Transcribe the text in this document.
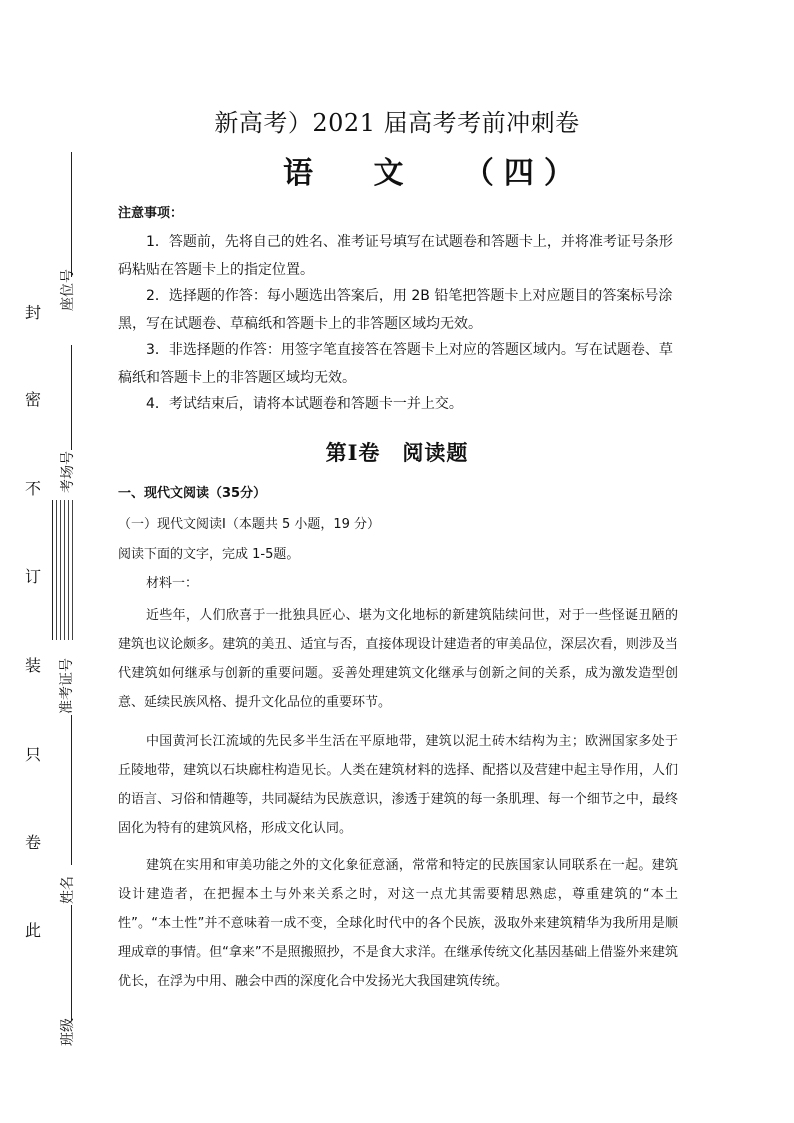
新高考）2021 届高考考前冲刺卷
语 文 （四）
注意事项：
1．答题前，先将自己的姓名、准考证号填写在试题卷和答题卡上，并将准考证号条形码粘贴在答题卡上的指定位置。
2．选择题的作答：每小题选出答案后，用 2B 铅笔把答题卡上对应题目的答案标号涂黑，写在试题卷、草稿纸和答题卡上的非答题区域均无效。
3．非选择题的作答：用签字笔直接答在答题卡上对应的答题区域内。写在试题卷、草稿纸和答题卡上的非答题区域均无效。
4．考试结束后，请将本试题卷和答题卡一并上交。
第Ⅰ卷　阅读题
一、现代文阅读（35分）
（一）现代文阅读Ⅰ（本题共 5 小题，19 分）
阅读下面的文字，完成 1-5题。
材料一：
近些年，人们欣喜于一批独具匠心、堪为文化地标的新建筑陆续问世，对于一些怪诞丑陋的建筑也议论颇多。建筑的美丑、适宜与否，直接体现设计建造者的审美品位，深层次看，则涉及当代建筑如何继承与创新的重要问题。妥善处理建筑文化继承与创新之间的关系，成为激发造型创意、延续民族风格、提升文化品位的重要环节。
中国黄河长江流域的先民多半生活在平原地带，建筑以泥土砖木结构为主；欧洲国家多处于丘陵地带，建筑以石块廊柱构造见长。人类在建筑材料的选择、配搭以及营建中起主导作用，人们的语言、习俗和情趣等，共同凝结为民族意识，渗透于建筑的每一条肌理、每一个细节之中，最终固化为特有的建筑风格，形成文化认同。
建筑在实用和审美功能之外的文化象征意涵，常常和特定的民族国家认同联系在一起。建筑设计建造者，在把握本土与外来关系之时，对这一点尤其需要精思熟虑，尊重建筑的“本土性”。“本土性”并不意味着一成不变，全球化时代中的各个民族，汲取外来建筑精华为我所用是顺理成章的事情。但“拿来”不是照搬照抄，不是食大求洋。在继承传统文化基因基础上借鉴外来建筑优长，在浮为中用、融会中西的深度化合中发扬光大我国建筑传统。
封
密
不
订
装
只
卷
此
座位号
考场号
准考证号
姓名
班级
